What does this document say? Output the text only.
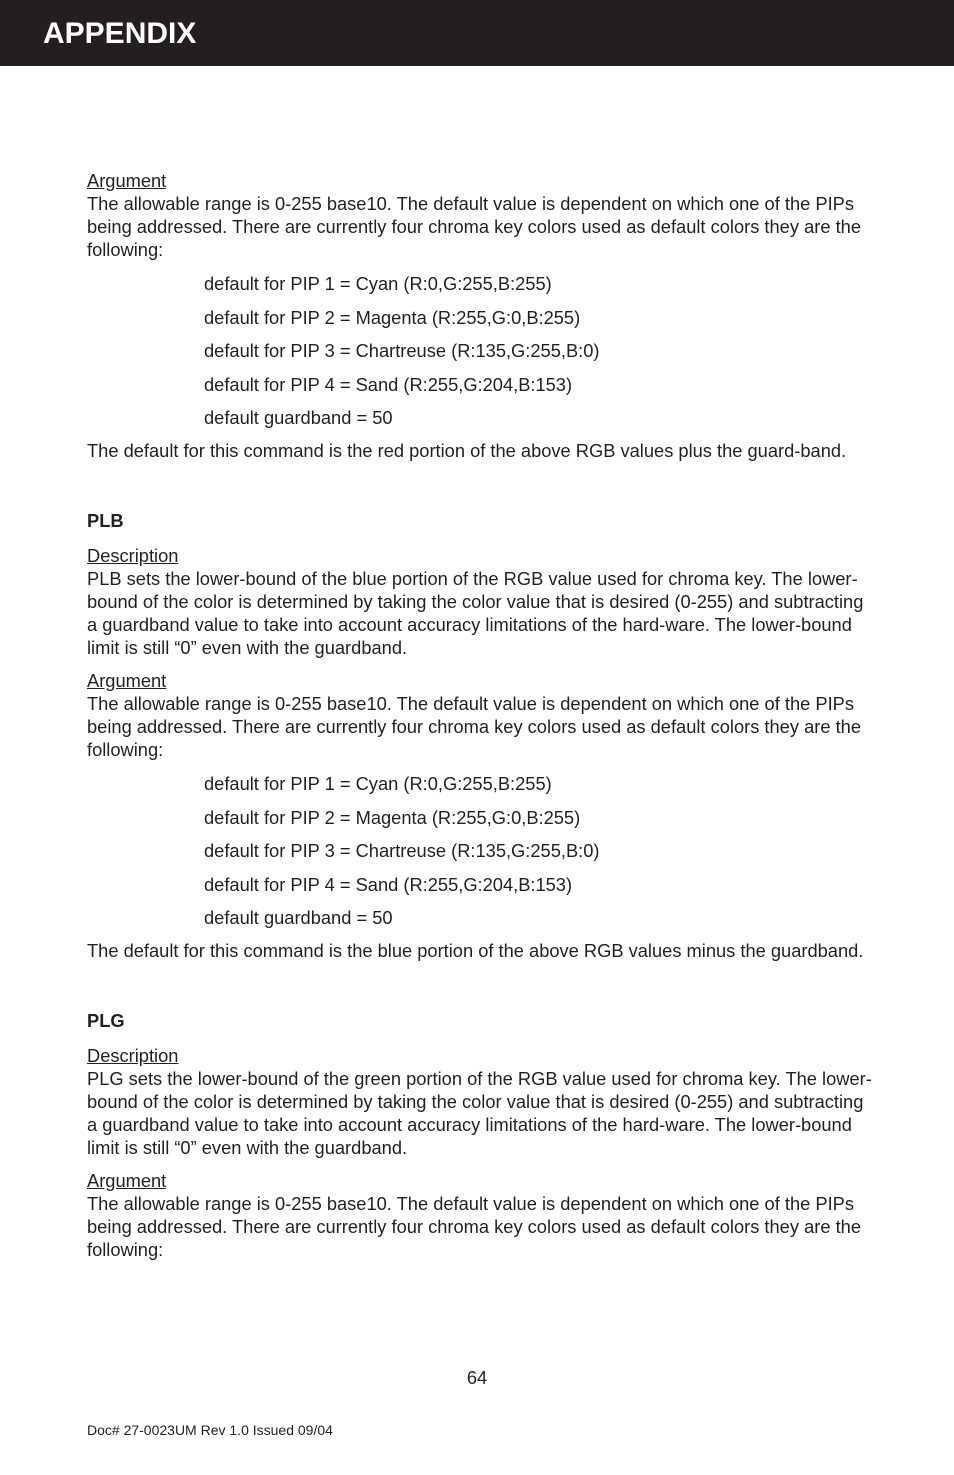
APPENDIX
Argument
The allowable range is 0-255 base10. The default value is dependent on which one of the PIPs being addressed. There are currently four chroma key colors used as default colors they are the following:
default for PIP 1 = Cyan (R:0,G:255,B:255)
default for PIP 2 = Magenta (R:255,G:0,B:255)
default for PIP 3 = Chartreuse (R:135,G:255,B:0)
default for PIP 4 = Sand (R:255,G:204,B:153)
default guardband = 50
The default for this command is the red portion of the above RGB values plus the guard-band.
PLB
Description
PLB sets the lower-bound of the blue portion of the RGB value used for chroma key. The lower-bound of the color is determined by taking the color value that is desired (0-255) and subtracting a guardband value to take into account accuracy limitations of the hard-ware. The lower-bound limit is still “0” even with the guardband.
Argument
The allowable range is 0-255 base10. The default value is dependent on which one of the PIPs being addressed. There are currently four chroma key colors used as default colors they are the following:
default for PIP 1 = Cyan (R:0,G:255,B:255)
default for PIP 2 = Magenta (R:255,G:0,B:255)
default for PIP 3 = Chartreuse (R:135,G:255,B:0)
default for PIP 4 = Sand (R:255,G:204,B:153)
default guardband = 50
The default for this command is the blue portion of the above RGB values minus the guardband.
PLG
Description
PLG sets the lower-bound of the green portion of the RGB value used for chroma key. The lower-bound of the color is determined by taking the color value that is desired (0-255) and subtracting a guardband value to take into account accuracy limitations of the hard-ware. The lower-bound limit is still “0” even with the guardband.
Argument
The allowable range is 0-255 base10. The default value is dependent on which one of the PIPs being addressed. There are currently four chroma key colors used as default colors they are the following:
64
Doc# 27-0023UM Rev 1.0 Issued 09/04
